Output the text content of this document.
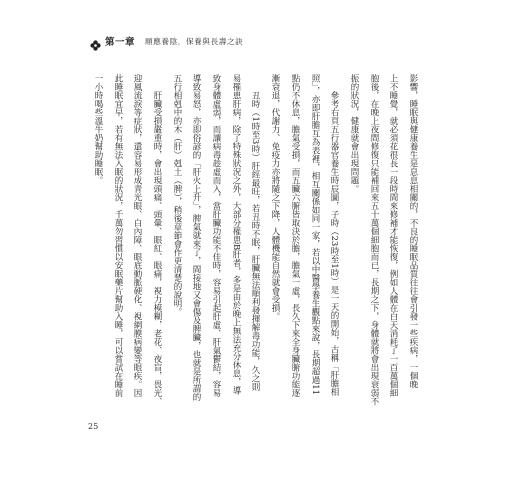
第一章 順應養陰．保養與長壽之訣
影響，睡眠與健康養生是息息相關的，不良的睡眠品質往往會引發一些疾病，一個晚
上不睡覺，就必須花很長一段時間來修補才能恢復，例如人體在白天消耗了一百萬個細
胞後，在晚上夜間修復只能補回來五十萬個細胞而已，長期之下，身體就將會出現衰弱不
振的狀況，健康就會出現問題。
參考右頁五行器官養生時辰圖，子時（23時至1時）是一天的開始，古稱「肝膽相
照」，亦即肝膽互為表裡，相互關係如同一家，若以中醫學養生觀點來說，長期超過11
點仍不休息，膽氣受損，而五臟六腑皆取決於膽，膽氣一虛，長久下來全身臟腑功能逐
漸衰退，代謝力、免疫力亦將隨之下降，人體機能自然就會受損。
丑時（1時至3時）肝經最旺，若丑時不眠，肝臟無法順利發揮解毒功能，久之則
易罹患肝病，除了特殊狀況之外，大部分罹患B肝者，多是由於晚上無法充分休息，導
致身體虛弱，而讓病毒趁虛而入，當肝臟功能不佳時，容易引起肝虛、肝氣鬱結，容易
導致易怒，亦即俗諺的「肝火上升」，脾氣就來了，間接地又會傷及脾臟，也就是所謂的
五行相剋中的木（肝）剋土（脾），稍後章節會作更清楚的說明。
肝臟受損嚴重時，會出現頭痛、頭暈、眼紅、眼痛，視力模糊，老花、夜盲，畏光、
迎風流淚等症狀，還容易形成青光眼、白內障、眼底動脈硬化、視網膜病變等眼疾。因
此睡眠宜早，若有無法入眠的狀況，千萬勿習慣以安眠藥片幫助入睡，可以嘗試在睡前
一小時喝些溫牛奶幫助睡眠。
25
